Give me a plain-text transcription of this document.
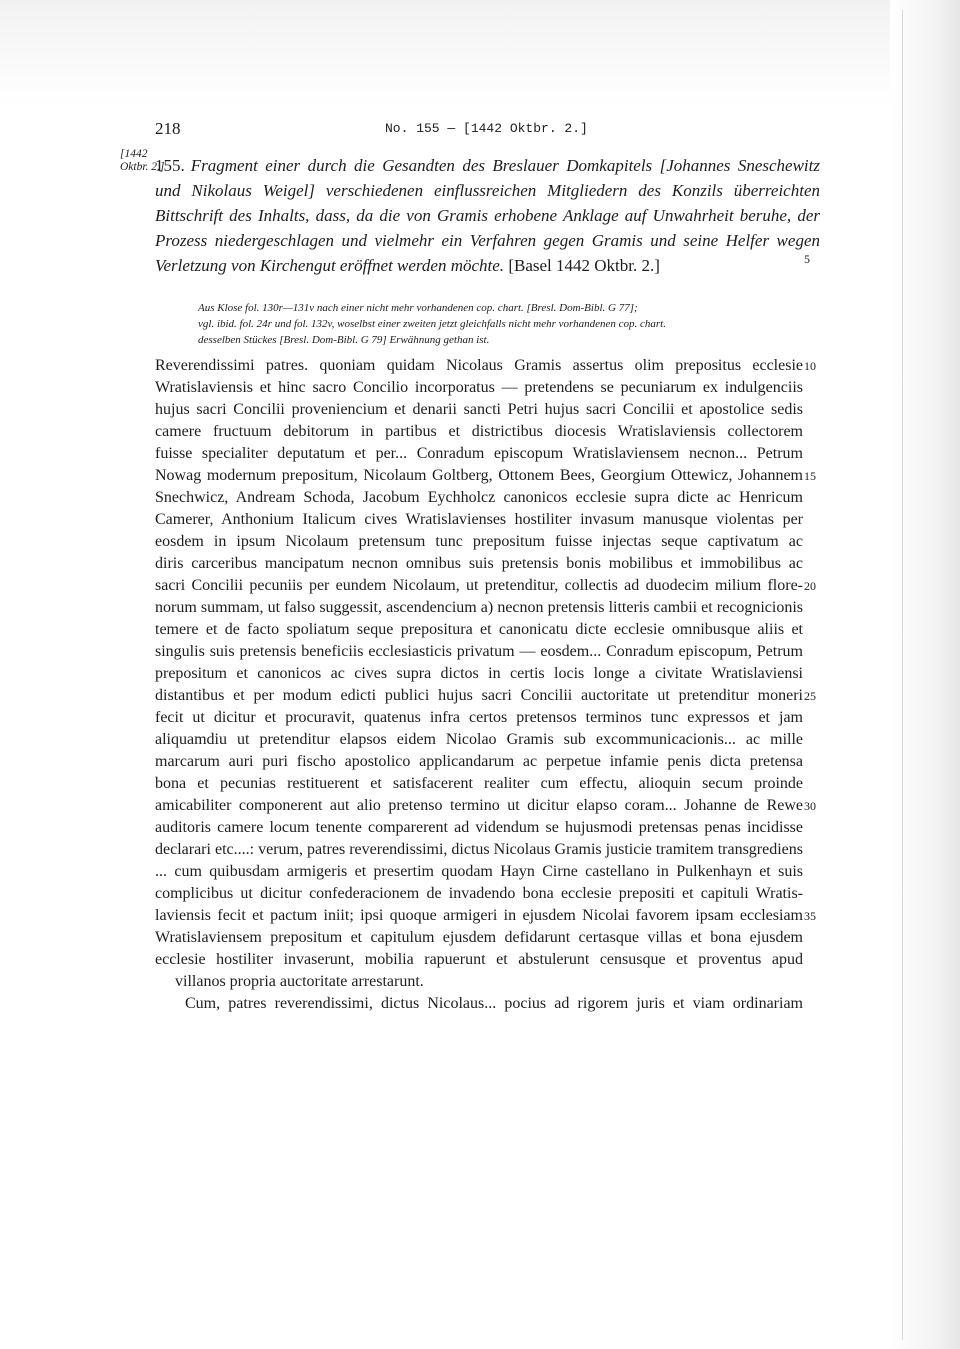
218	No. 155 — [1442 Oktbr. 2.]
[1442
Oktbr. 2.]
155. Fragment einer durch die Gesandten des Breslauer Domkapitels [Johannes Sneschewitz und Nikolaus Weigel] verschiedenen einflussreichen Mitgliedern des Konzils überreichten Bittschrift des Inhalts, dass, da die von Gramis erhobene Anklage auf Unwahrheit beruhe, der Prozess niedergeschlagen und vielmehr ein Verfahren gegen Gramis und seine Helfer wegen Verletzung von Kirchengut eröffnet werden möchte. [Basel 1442 Oktbr. 2.]	5
Aus Klose fol. 130r—131v nach einer nicht mehr vorhandenen cop. chart. [Bresl. Dom-Bibl. G 77];
vgl. ibid. fol. 24r und fol. 132v, woselbst einer zweiten jetzt gleichfalls nicht mehr vorhandenen cop. chart.
desselben Stückes [Bresl. Dom-Bibl. G 79] Erwähnung gethan ist.
Reverendissimi patres. quoniam quidam Nicolaus Gramis assertus olim prepositus ecclesie
Wratislaviensis et hinc sacro Concilio incorporatus — pretendens se pecuniarum ex indulgenciis
hujus sacri Concilii proveniencium et denarii sancti Petri hujus sacri Concilii et apostolice sedis
camere fructuum debitorum in partibus et districtibus diocesis Wratislaviensis collectorem
fuisse specialiter deputatum et per... Conradum episcopum Wratislaviensem necnon... Petrum
Nowag modernum prepositum, Nicolaum Goltberg, Ottonem Bees, Georgium Ottewicz, Johannem
Snechwicz, Andream Schoda, Jacobum Eychholcz canonicos ecclesie supra dicte ac Henricum
Camerer, Anthonium Italicum cives Wratislavienses hostiliter invasum manusque violentas per
eosdem in ipsum Nicolaum pretensum tunc prepositum fuisse injectas seque captivatum ac
diris carceribus mancipatum necnon omnibus suis pretensis bonis mobilibus et immobilibus ac
sacri Concilii pecuniis per eundem Nicolaum, ut pretenditur, collectis ad duodecim milium flore-
norum summam, ut falso suggessit, ascendencium a) necnon pretensis litteris cambii et recognicionis
temere et de facto spoliatum seque prepositura et canonicatu dicte ecclesie omnibusque aliis et
singulis suis pretensis beneficiis ecclesiasticis privatum — eosdem... Conradum episcopum, Petrum
prepositum et canonicos ac cives supra dictos in certis locis longe a civitate Wratislaviensi
distantibus et per modum edicti publici hujus sacri Concilii auctoritate ut pretenditur moneri
fecit ut dicitur et procuravit, quatenus infra certos pretensos terminos tunc expressos et jam
aliquamdiu ut pretenditur elapsos eidem Nicolao Gramis sub excommunicacionis... ac mille
marcarum auri puri fischo apostolico applicandarum ac perpetue infamie penis dicta pretensa
bona et pecunias restituerent et satisfacerent realiter cum effectu, alioquin secum proinde
amicabiliter componerent aut alio pretenso termino ut dicitur elapso coram... Johanne de Rewe
auditoris camere locum tenente comparerent ad videndum se hujusmodi pretensas penas incidisse
declarari etc....: verum, patres reverendissimi, dictus Nicolaus Gramis justicie tramitem transgrediens
... cum quibusdam armigeris et presertim quodam Hayn Cirne castellano in Pulkenhayn et suis
complicibus ut dicitur confederacionem de invadendo bona ecclesie prepositi et capituli Wratis-
laviensis fecit et pactum iniit; ipsi quoque armigeri in ejusdem Nicolai favorem ipsam ecclesiam
Wratislaviensem prepositum et capitulum ejusdem defidarunt certasque villas et bona ejusdem
ecclesie hostiliter invaserunt, mobilia rapuerunt et abstulerunt censusque et proventus apud
villanos propria auctoritate arrestarunt.
Cum, patres reverendissimi, dictus Nicolaus... pocius ad rigorem juris et viam ordinariam
10
15
20
25
30
35
